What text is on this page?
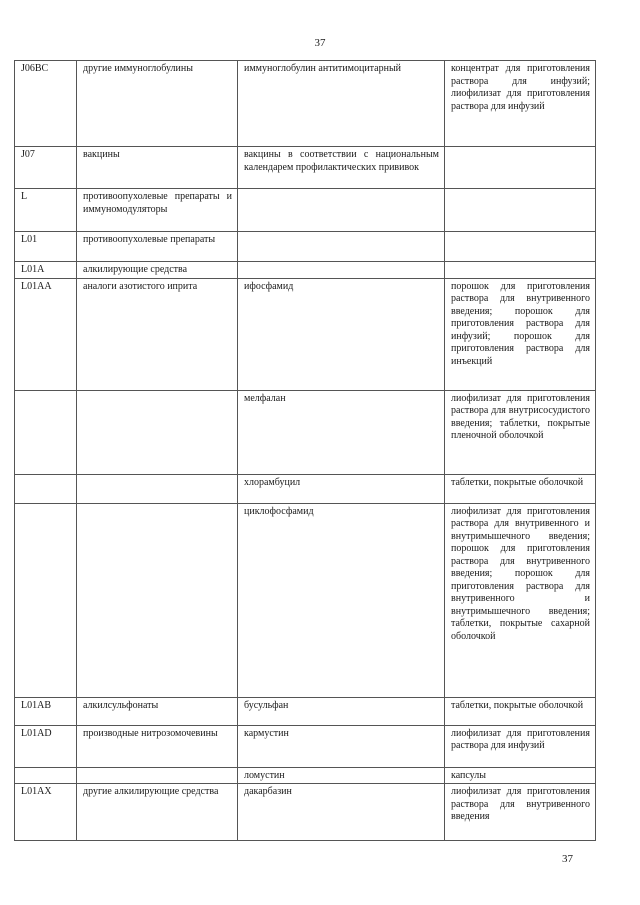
37
J06BC	другие иммуноглобулины	иммуноглобулин антитимоцитарный	концентрат для приготовления раствора для инфузий; лиофилизат для приготовления раствора для инфузий
J07	вакцины	вакцины в соответствии с национальным календарем профилактических прививок	
L	противоопухолевые препараты и иммуномодуляторы		
L01	противоопухолевые препараты		
L01A	алкилирующие средства		
L01AA	аналоги азотистого иприта	ифосфамид	порошок для приготовления раствора для внутривенного введения; порошок для приготовления раствора для инфузий; порошок для приготовления раствора для инъекций
		мелфалан	лиофилизат для приготовления раствора для внутрисосудистого введения; таблетки, покрытые пленочной оболочкой
		хлорамбуцил	таблетки, покрытые оболочкой
		циклофосфамид	лиофилизат для приготовления раствора для внутривенного и внутримышечного введения; порошок для приготовления раствора для внутривенного введения; порошок для приготовления раствора для внутривенного и внутримышечного введения; таблетки, покрытые сахарной оболочкой
L01AB	алкилсульфонаты	бусульфан	таблетки, покрытые оболочкой
L01AD	производные нитрозомочевины	кармустин	лиофилизат для приготовления раствора для инфузий
		ломустин	капсулы
L01AX	другие алкилирующие средства	дакарбазин	лиофилизат для приготовления раствора для внутривенного введения
37
